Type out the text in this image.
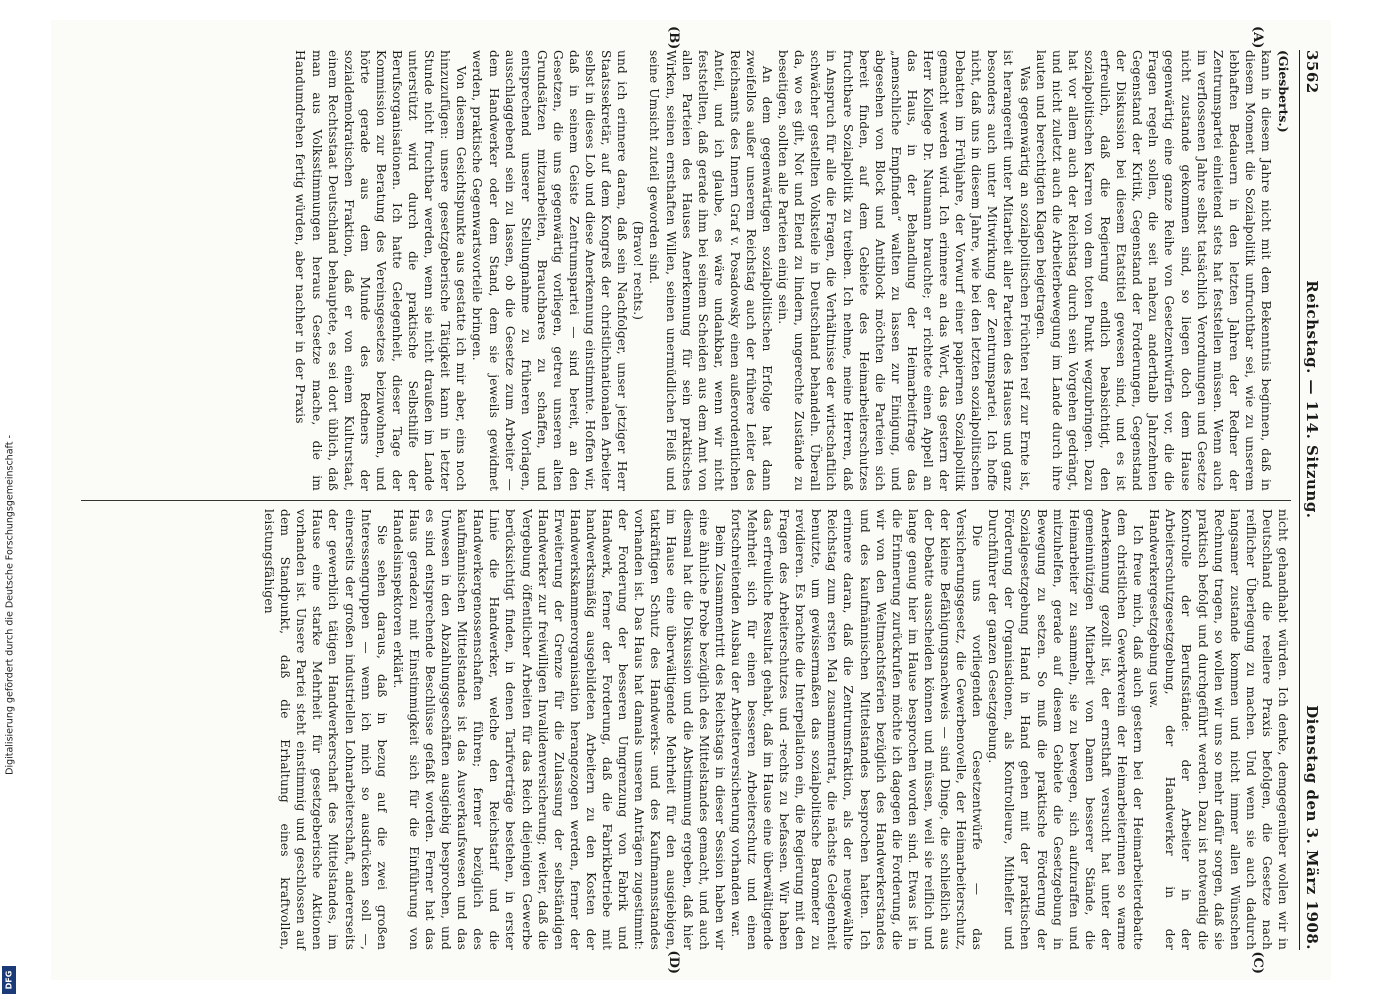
3562
Reichstag. — 114. Sitzung.
Dienstag den 3. März 1908.
(A)
(B)
(Giesberts.)

kann in diesem Jahre nicht mit dem Bekenntnis beginnen, daß in diesem Moment die Sozialpolitik unfruchtbar sei, wie zu unserem lebhaften Bedauern in den letzten Jahren der Redner der Zentrumspartei einleitend stets hat feststellen müssen. Wenn auch im verflossenen Jahre selbst tatsächlich Verordnungen und Gesetze nicht zustande gekommen sind, so liegen doch dem Hause gegenwärtig eine ganze Reihe von Gesetzentwürfen vor, die die Fragen regeln sollen, die seit nahezu anderthalb Jahrzehnten Gegenstand der Kritik, Gegenstand der Forderungen, Gegenstand der Diskussion bei diesem Etatstitel gewesen sind, und es ist erfreulich, daß die Regierung endlich beabsichtigt, den sozialpolitischen Karren von dem toten Punkt wegzubringen. Dazu hat vor allem auch der Reichstag durch sein Vorgehen gedrängt, und nicht zuletzt auch die Arbeiterbewegung im Lande durch ihre lauten und berechtigten Klagen beigetragen.

Was gegenwärtig an sozialpolitischen Früchten reif zur Ernte ist, ist herangereift unter Mitarbeit aller Parteien des Hauses und ganz besonders auch unter Mitwirkung der Zentrumspartei. Ich hoffe nicht, daß uns in diesem Jahre, wie bei den letzten sozialpolitischen Debatten im Frühjahre, der Vorwurf einer papiernen Sozialpolitik gemacht werden wird. Ich erinnere an das Wort, das gestern der Herr Kollege Dr. Naumann brauchte; er richtete einen Appell an das Haus, in der Behandlung der Heimarbeitfrage das „menschliche Empfinden“ walten zu lassen zur Einigung, und abgesehen von Block und Antiblock möchten die Parteien sich bereit finden, auf dem Gebiete des Heimarbeiterschutzes fruchtbare Sozialpolitik zu treiben. Ich nehme, meine Herren, daß in Anspruch für alle die Fragen, die Verhältnisse der wirtschaftlich schwächer gestellten Volksteile in Deutschland behandeln. Überall da, wo es gilt, Not und Elend zu lindern, ungerechte Zustände zu beseitigen, sollten alle Parteien einig sein.

An dem gegenwärtigen sozialpolitischen Erfolge hat dann zweifellos außer unserem Reichstag auch der frühere Leiter des Reichsamts des Innern Graf v. Posadowsky einen außerordentlichen Anteil, und ich glaube, es wäre undankbar, wenn wir nicht feststellten, daß gerade ihm bei seinem Scheiden aus dem Amt von allen Parteien des Hauses Anerkennung für sein praktisches Wirken, seinen ernsthaften Willen, seinen unermüdlichen Fleiß und seine Umsicht zuteil geworden sind.

(Bravo! rechts.)

und ich erinnere daran, daß sein Nachfolger, unser jetziger Herr Staatssekretär, auf dem Kongreß der christlichnationalen Arbeiter selbst in dieses Lob und diese Anerkennung einstimmte. Hoffen wir, daß in seinem Geiste Zentrumspartei — sind bereit, an den Gesetzen, die uns gegenwärtig vorliegen, getreu unseren alten Grundsätzen mitzuarbeiten, Brauchbares zu schaffen, und entsprechend unserer Stellungnahme zu früheren Vorlagen, ausschlaggebend sein zu lassen, ob die Gesetze zum Arbeiter — dem Handwerker oder dem Stand, dem sie jeweils gewidmet werden, praktische Gegenwartsvorteile bringen.

Von diesem Gesichtspunkte aus gestatte ich mir aber, eins noch hinzuzufügen: unsere gesetzgeberische Tätigkeit kann in letzter Stunde nicht fruchtbar werden, wenn sie nicht draußen im Lande unterstützt wird durch die praktische Selbsthilfe der Berufsorganisationen. Ich hatte Gelegenheit, dieser Tage der Kommission zur Beratung des Vereinsgesetzes beizuwohnen, und hörte gerade aus dem Munde des Redners der sozialdemokratischen Fraktion, daß er von einem Kulturstaat, einem Rechtsstaat Deutschland behauptete, es sei dort üblich, daß man aus Volksstimmungen heraus Gesetze mache, die im Handumdrehen fertig würden, aber nachher in der Praxis

(C)
(D)

nicht gehandhabt würden. Ich denke, demgegenüber wollen wir in Deutschland die reellere Praxis befolgen, die Gesetze nach reiflicher Überlegung zu machen. Und wenn sie auch dadurch langsamer zustande kommen und nicht immer allen Wünschen Rechnung tragen, so wollen wir uns so mehr dafür sorgen, daß sie praktisch befolgt und durchgeführt werden. Dazu ist notwendig die Kontrolle der Berufsstände: der Arbeiter in der Arbeiterschutzgesetzgebung, der Handwerker in der Handwerkergesetzgebung usw.

Ich freue mich, daß auch gestern bei der Heimarbeiterdebatte dem christlichen Gewerkverein der Heimarbeiterinnen so warme Anerkennung gezollt ist, der ernsthaft versucht hat unter der gemeinnützigen Mitarbeit von Damen besserer Stände, die Heimarbeiter zu sammeln, sie zu bewegen, sich aufzuraffen und mitzuhelfen, gerade auf diesem Gebiete die Gesetzgebung in Bewegung zu setzen. So muß die praktische Förderung der Sozialgesetzgebung Hand in Hand gehen mit der praktischen Förderung der Organisationen, als Kontrolleure, Mithelfer und Durchführer der ganzen Gesetzgebung.

Die uns vorliegenden Gesetzentwürfe — das Versicherungsgesetz, die Gewerbenovelle, der Heimarbeiterschutz, der kleine Befähigungsnachweis — sind Dinge, die schließlich aus der Debatte ausscheiden können und müssen, weil sie reiflich und lange genug hier im Hause besprochen worden sind. Etwas ist in die Erinnerung zurückrufen möchte ich dagegen die Forderung, die wir von den Weltmachtsferien bezüglich des Handwerkerstandes und des kaufmännischen Mittelstandes besprochen hatten. Ich erinnere daran, daß die Zentrumsfraktion, als der neugewählte Reichstag zum ersten Mal zusammentrat, die nächste Gelegenheit benutzte, um gewissermaßen das sozialpolitische Barometer zu revidieren. Es brachte die Interpellation ein, die Regierung mit den Fragen des Arbeiterschutzes und -rechts zu befassen. Wir haben das erfreuliche Resultat gehabt, daß im Hause eine überwältigende Mehrheit sich für einen besseren Arbeiterschutz und einen fortschreitenden Ausbau der Arbeiterversicherung vorhanden war.

Beim Zusammentritt des Reichstags in dieser Session haben wir eine ähnliche Probe bezüglich des Mittelstandes gemacht, und auch diesmal hat die Diskussion und die Abstimmung ergeben, daß hier im Hause eine überwältigende Mehrheit für den ausgiebigen, tatkräftigen Schutz des Handwerks- und des Kaufmannsstandes vorhanden ist. Das Haus hat damals unseren Anträgen zugestimmt: der Forderung der besseren Umgrenzung von Fabrik und Handwerk, ferner der Forderung, daß die Fabrikbetriebe mit handwerksmäßig ausgebildeten Arbeitern zu den Kosten der Handwerkskammerorganisation herangezogen werden, ferner der Erweiterung der Grenze für die Zulassung der selbständigen Handwerker zur freiwilligen Invalidenversicherung; weiter, daß die Vergebung öffentlicher Arbeiten für das Reich diejenigen Gewerbe berücksichtigt finden, in denen Tarifverträge bestehen, in erster Linie die Handwerker, welche den Reichstarif und die Handwerkergenossenschaften führen; ferner bezüglich des kaufmännischen Mittelstandes ist das Ausverkaufswesen und das Unwesen in den Abzahlungsgeschäften ausgiebig besprochen, und es sind entsprechende Beschlüsse gefaßt worden. Ferner hat das Haus geradezu mit Einstimmigkeit sich für die Einführung von Handelsinspektoren erklärt.

Sie sehen daraus, daß in bezug auf die zwei großen Interessengruppen — wenn ich mich so ausdrücken soll —, einerseits der großen industriellen Lohnarbeiterschaft, andererseits der gewerblich tätigen Handwerkerschaft des Mittelstandes, im Hause eine starke Mehrheit für gesetzgeberische Aktionen vorhanden ist. Unsere Partei steht einstimmig und geschlossen auf dem Standpunkt, daß die Erhaltung eines kraftvollen, leistungsfähigen

Digitalisierung gefördert durch die Deutsche Forschungsgemeinschaft -
DFG
